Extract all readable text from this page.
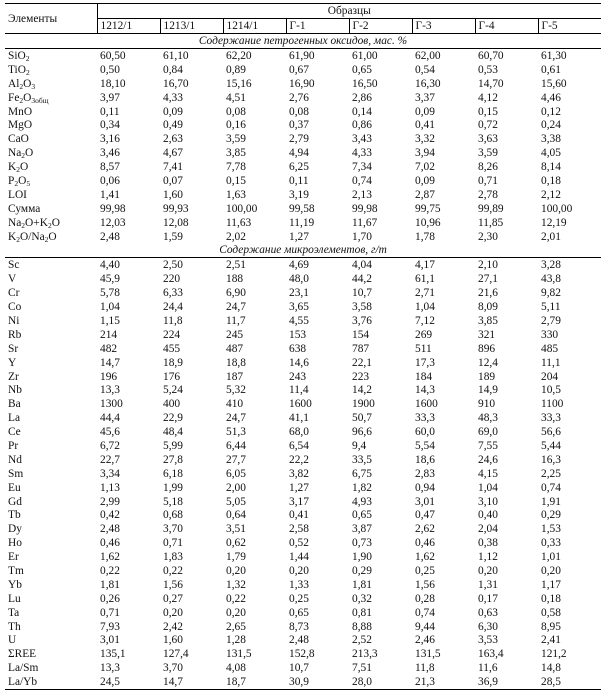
Элементы	Образцы							
	1212/1	1213/1	1214/1	Г-1	Г-2	Г-3	Г-4	Г-5
Содержание петрогенных оксидов, мас. %								
SiO$_2$	60,50	61,10	62,20	61,90	61,00	62,00	60,70	61,30
TiO$_2$	0,50	0,84	0,89	0,67	0,65	0,54	0,53	0,61
$Al_2O_3$	18,10	16,70	15,16	16,90	16,50	16,30	14,70	15,60
$Fe_2O_{3общ}$	3,97	4,33	4,51	2,76	2,86	3,37	4,12	4,46
MnO	0,11	0,09	0,08	0,08	0,14	0,09	0,15	0,12
MgO	0,34	0,49	0,16	0,37	0,86	0,41	0,72	0,24
CaO	3,16	2,63	3,59	2,79	3,43	3,32	3,63	3,38
$Na_2O$	3,46	4,67	3,85	4,94	4,33	3,94	3,59	4,05
$K_2O$	8,57	7,41	7,78	6,25	7,34	7,02	8,26	8,14
$P_2O_5$	0,06	0,07	0,15	0,11	0,74	0,09	0,71	0,18
LOI	1,41	1,60	1,63	3,19	2,13	2,87	2,78	2,12
Сумма	99,98	99,93	100,00	99,58	99,98	99,75	99,89	100,00
$Na_2O+K_2O$	12,03	12,08	11,63	11,19	11,67	10,96	11,85	12,19
$K_2O/Na_2O$	2,48	1,59	2,02	1,27	1,70	1,78	2,30	2,01
Содержание микроэлементов, г/т								
Sc	4,40	2,50	2,51	4,69	4,04	4,17	2,10	3,28
V	45,9	220	188	48,0	44,2	61,1	27,1	43,8
Cr	5,78	6,33	6,90	23,1	10,7	2,71	21,6	9,82
Co	1,04	24,4	24,7	3,65	3,58	1,04	8,09	5,11
Ni	1,15	11,8	11,7	4,55	3,76	7,12	3,85	2,79
Rb	214	224	245	153	154	269	321	330
Sr	482	455	487	638	787	511	896	485
Y	14,7	18,9	18,8	14,6	22,1	17,3	12,4	11,1
Zr	196	176	187	243	223	184	189	204
Nb	13,3	5,24	5,32	11,4	14,2	14,3	14,9	10,5
Ba	1300	400	410	1600	1900	1600	910	1100
La	44,4	22,9	24,7	41,1	50,7	33,3	48,3	33,3
Ce	45,6	48,4	51,3	68,0	96,6	60,0	69,0	56,6
Pr	6,72	5,99	6,44	6,54	9,4	5,54	7,55	5,44
Nd	22,7	27,8	27,7	22,2	33,5	18,6	24,6	16,3
Sm	3,34	6,18	6,05	3,82	6,75	2,83	4,15	2,25
Eu	1,13	1,99	2,00	1,27	1,82	0,94	1,04	0,74
Gd	2,99	5,18	5,05	3,17	4,93	3,01	3,10	1,91
Tb	0,42	0,68	0,64	0,41	0,65	0,47	0,40	0,29
Dy	2,48	3,70	3,51	2,58	3,87	2,62	2,04	1,53
Ho	0,46	0,71	0,62	0,52	0,73	0,46	0,38	0,33
Er	1,62	1,83	1,79	1,44	1,90	1,62	1,12	1,01
Tm	0,22	0,22	0,20	0,20	0,29	0,25	0,20	0,20
Yb	1,81	1,56	1,32	1,33	1,81	1,56	1,31	1,17
Lu	0,26	0,27	0,22	0,25	0,32	0,28	0,17	0,18
Ta	0,71	0,20	0,20	0,65	0,81	0,74	0,63	0,58
Th	7,93	2,42	2,65	8,73	8,88	9,44	6,30	8,95
U	3,01	1,60	1,28	2,48	2,52	2,46	3,53	2,41
ΣREE	135,1	127,4	131,5	152,8	213,3	131,5	163,4	121,2
La/Sm	13,3	3,70	4,08	10,7	7,51	11,8	11,6	14,8
La/Yb	24,5	14,7	18,7	30,9	28,0	21,3	36,9	28,5
